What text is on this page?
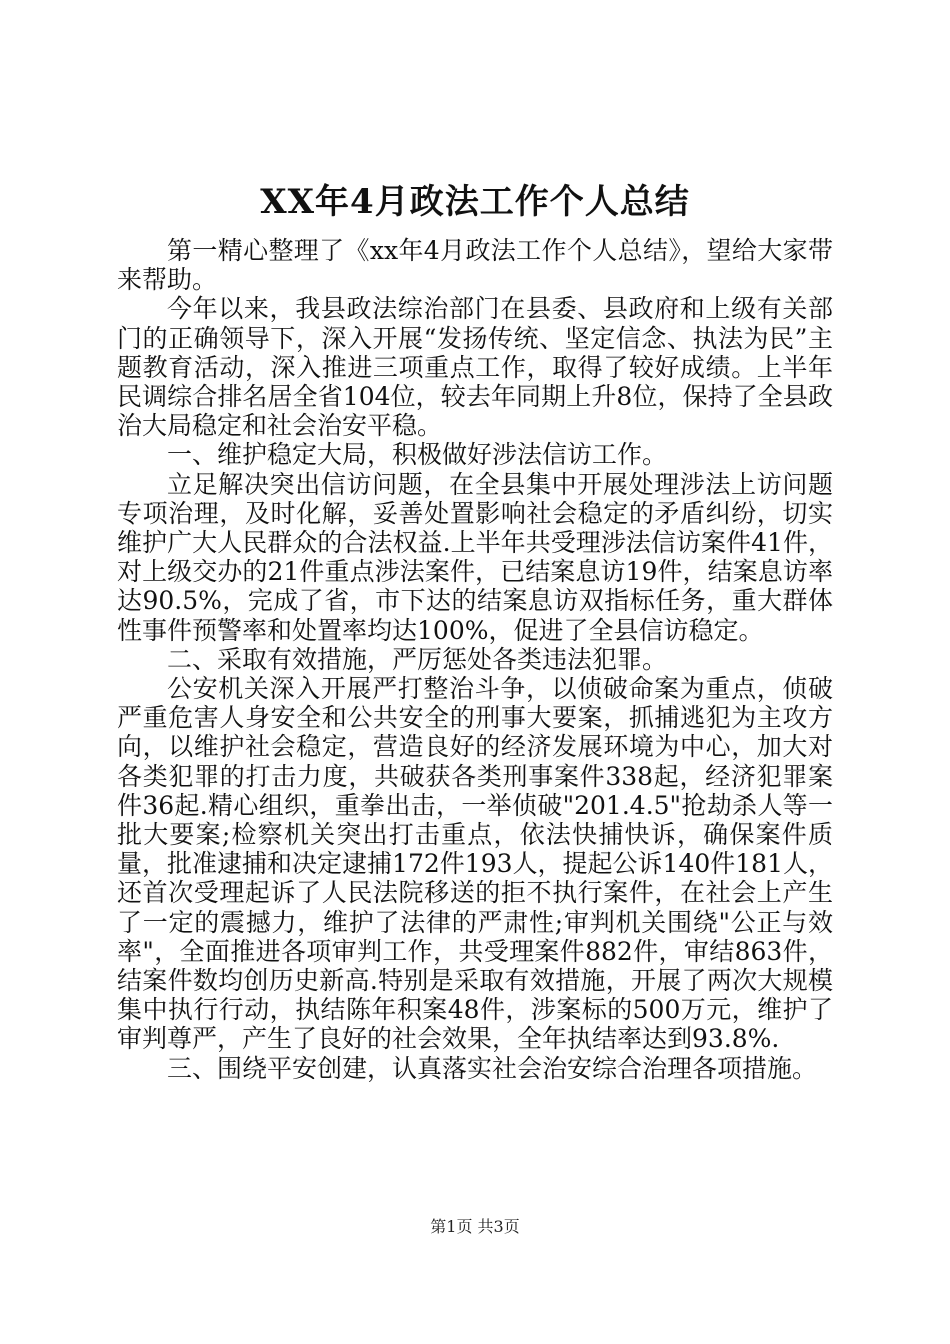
XX年4月政法工作个人总结

第一精心整理了《xx年4月政法工作个人总结》，望给大家带来帮助。

今年以来，我县政法综治部门在县委、县政府和上级有关部门的正确领导下，深入开展“发扬传统、坚定信念、执法为民”主题教育活动，深入推进三项重点工作，取得了较好成绩。上半年民调综合排名居全省104位，较去年同期上升8位，保持了全县政治大局稳定和社会治安平稳。

一、维护稳定大局，积极做好涉法信访工作。

立足解决突出信访问题，在全县集中开展处理涉法上访问题专项治理，及时化解，妥善处置影响社会稳定的矛盾纠纷，切实维护广大人民群众的合法权益.上半年共受理涉法信访案件41件，对上级交办的21件重点涉法案件，已结案息访19件，结案息访率达90.5%，完成了省，市下达的结案息访双指标任务，重大群体性事件预警率和处置率均达100%，促进了全县信访稳定。

二、采取有效措施，严厉惩处各类违法犯罪。

公安机关深入开展严打整治斗争，以侦破命案为重点，侦破严重危害人身安全和公共安全的刑事大要案，抓捕逃犯为主攻方向，以维护社会稳定，营造良好的经济发展环境为中心，加大对各类犯罪的打击力度，共破获各类刑事案件338起，经济犯罪案件36起.精心组织，重拳出击，一举侦破"201.4.5"抢劫杀人等一批大要案;检察机关突出打击重点，依法快捕快诉，确保案件质量，批准逮捕和决定逮捕172件193人，提起公诉140件181人，还首次受理起诉了人民法院移送的拒不执行案件，在社会上产生了一定的震撼力，维护了法律的严肃性;审判机关围绕"公正与效率"，全面推进各项审判工作，共受理案件882件，审结863件，结案件数均创历史新高.特别是采取有效措施，开展了两次大规模集中执行行动，执结陈年积案48件，涉案标的500万元，维护了审判尊严，产生了良好的社会效果，全年执结率达到93.8%.

三、围绕平安创建，认真落实社会治安综合治理各项措施。

第1页 共3页
